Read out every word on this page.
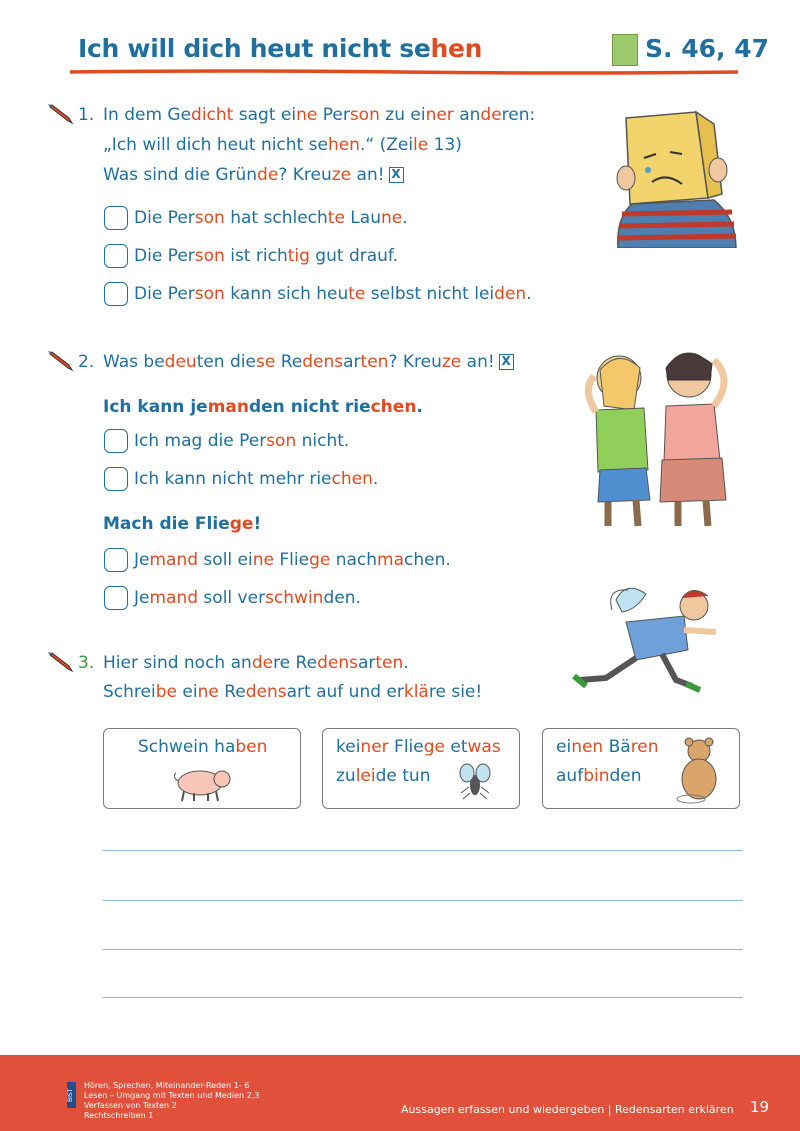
Ich will dich heut nicht sehen	S. 46, 47
1. In dem Gedicht sagt eine Person zu einer anderen:
„Ich will dich heut nicht sehen.“ (Zeile 13)
Was sind die Gründe? Kreuze an! X
Die Person hat schlechte Laune.
Die Person ist richtig gut drauf.
Die Person kann sich heute selbst nicht leiden.
2. Was bedeuten diese Redensarten? Kreuze an! X
Ich kann jemanden nicht riechen.
Ich mag die Person nicht.
Ich kann nicht mehr riechen.
Mach die Fliege!
Jemand soll eine Fliege nachmachen.
Jemand soll verschwinden.
3. Hier sind noch andere Redensarten.
Schreibe eine Redensart auf und erkläre sie!
Schwein haben	keiner Fliege etwas
zuleide tun
einen Bären
aufbinden
Hören, Sprechen, Miteinander-Reden 1- 6
Lesen – Umgang mit Texten und Medien 2,3
Verfassen von Texten 2
Rechtschreiben 1	Aussagen erfassen und wiedergeben | Redensarten erklären 19
BIST
